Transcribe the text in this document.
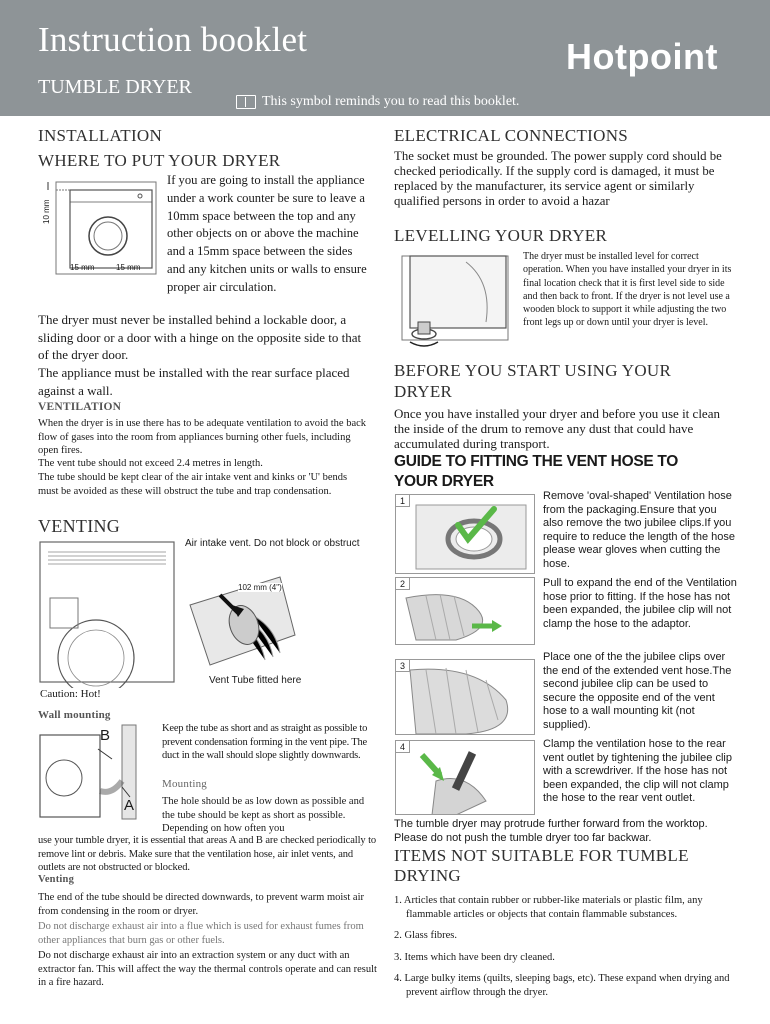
Instruction booklet
TUMBLE DRYER
Hotpoint
This symbol reminds you to read this booklet.
INSTALLATION
WHERE TO PUT YOUR DRYER
10 mm
15 mm	15 mm
If you are going to install the appliance under a work counter be sure to leave a 10mm space between the top and any other objects on or above the machine and a 15mm space between the sides and any kitchen units or walls to ensure proper air circulation.
The dryer must never be installed behind a lockable door, a sliding door or a door with a hinge on the opposite side to that of the dryer door.
The appliance must be installed with the rear surface placed against a wall.
VENTILATION
When the dryer is in use there has to be adequate ventilation to avoid the back flow of gases into the room from appliances burning other fuels, including open fires.
The vent tube should not exceed 2.4 metres in length.
The tube should be kept clear of the air intake vent and kinks or 'U' bends must be avoided as these will obstruct the tube and trap condensation.
VENTING
102 mm (4")
Air intake vent. Do not block or obstruct
Vent Tube fitted here
Caution: Hot!
Wall mounting
B
A
Keep the tube as short and as straight as possible to prevent condensation forming in the vent pipe. The duct in the wall should slope slightly downwards.
Mounting
The hole should be as low down as possible and the tube should be kept as short as possible. Depending on how often you
use your tumble dryer, it is essential that areas A and B are checked periodically to remove lint or debris. Make sure that the ventilation hose, air inlet vents, and outlets are not obstructed or blocked.
Venting
The end of the tube should be directed downwards, to prevent warm moist air from condensing in the room or dryer.
Do not discharge exhaust air into a flue which is used for exhaust fumes from other appliances that burn gas or other fuels.
Do not discharge exhaust air into an extraction system or any duct with an extractor fan. This will affect the way the thermal controls operate and can result in a fire hazard.
ELECTRICAL CONNECTIONS
The socket must be grounded. The power supply cord should be checked periodically. If the supply cord is damaged, it must be replaced by the manufacturer, its service agent or similarly qualified persons in order to avoid a hazar
LEVELLING YOUR DRYER
The dryer must be installed level for correct operation. When you have installed your dryer in its final location check that it is first level side to side and then back to front. If the dryer is not level use a wooden block to support it while adjusting the two front legs up or down until your dryer is level.
BEFORE YOU START USING YOUR
DRYER
Once you have installed your dryer and before you use it clean the inside of the drum to remove any dust that could have accumulated during transport.
GUIDE TO FITTING THE VENT HOSE TO
YOUR DRYER
1	Remove 'oval-shaped' Ventilation hose from the packaging.Ensure that you also remove the two jubilee clips.If you require to reduce the length of the hose please wear gloves when cutting the hose.
2	Pull to expand the end of the Ventilation hose prior to fitting. If the hose has not been expanded, the jubilee clip will not clamp the hose to the adaptor.
3
Place one of the the jubilee clips over the end of the extended vent hose.The second jubilee clip can be used to secure the opposite end of the vent hose to a wall mounting kit (not supplied).
4	Clamp the ventilation hose to the rear vent outlet by tightening the jubilee clip with a screwdriver. If the hose has not been expanded, the clip will not clamp the hose to the rear vent outlet.
The tumble dryer may protrude further forward from the worktop. Please do not push the tumble dryer too far backwar.
ITEMS NOT SUITABLE FOR TUMBLE
DRYING
1. Articles that contain rubber or rubber-like materials or plastic film, any flammable articles or objects that contain flammable substances.
2. Glass fibres.
3. Items which have been dry cleaned.
4. Large bulky items (quilts, sleeping bags, etc). These expand when drying and prevent airflow through the dryer.
